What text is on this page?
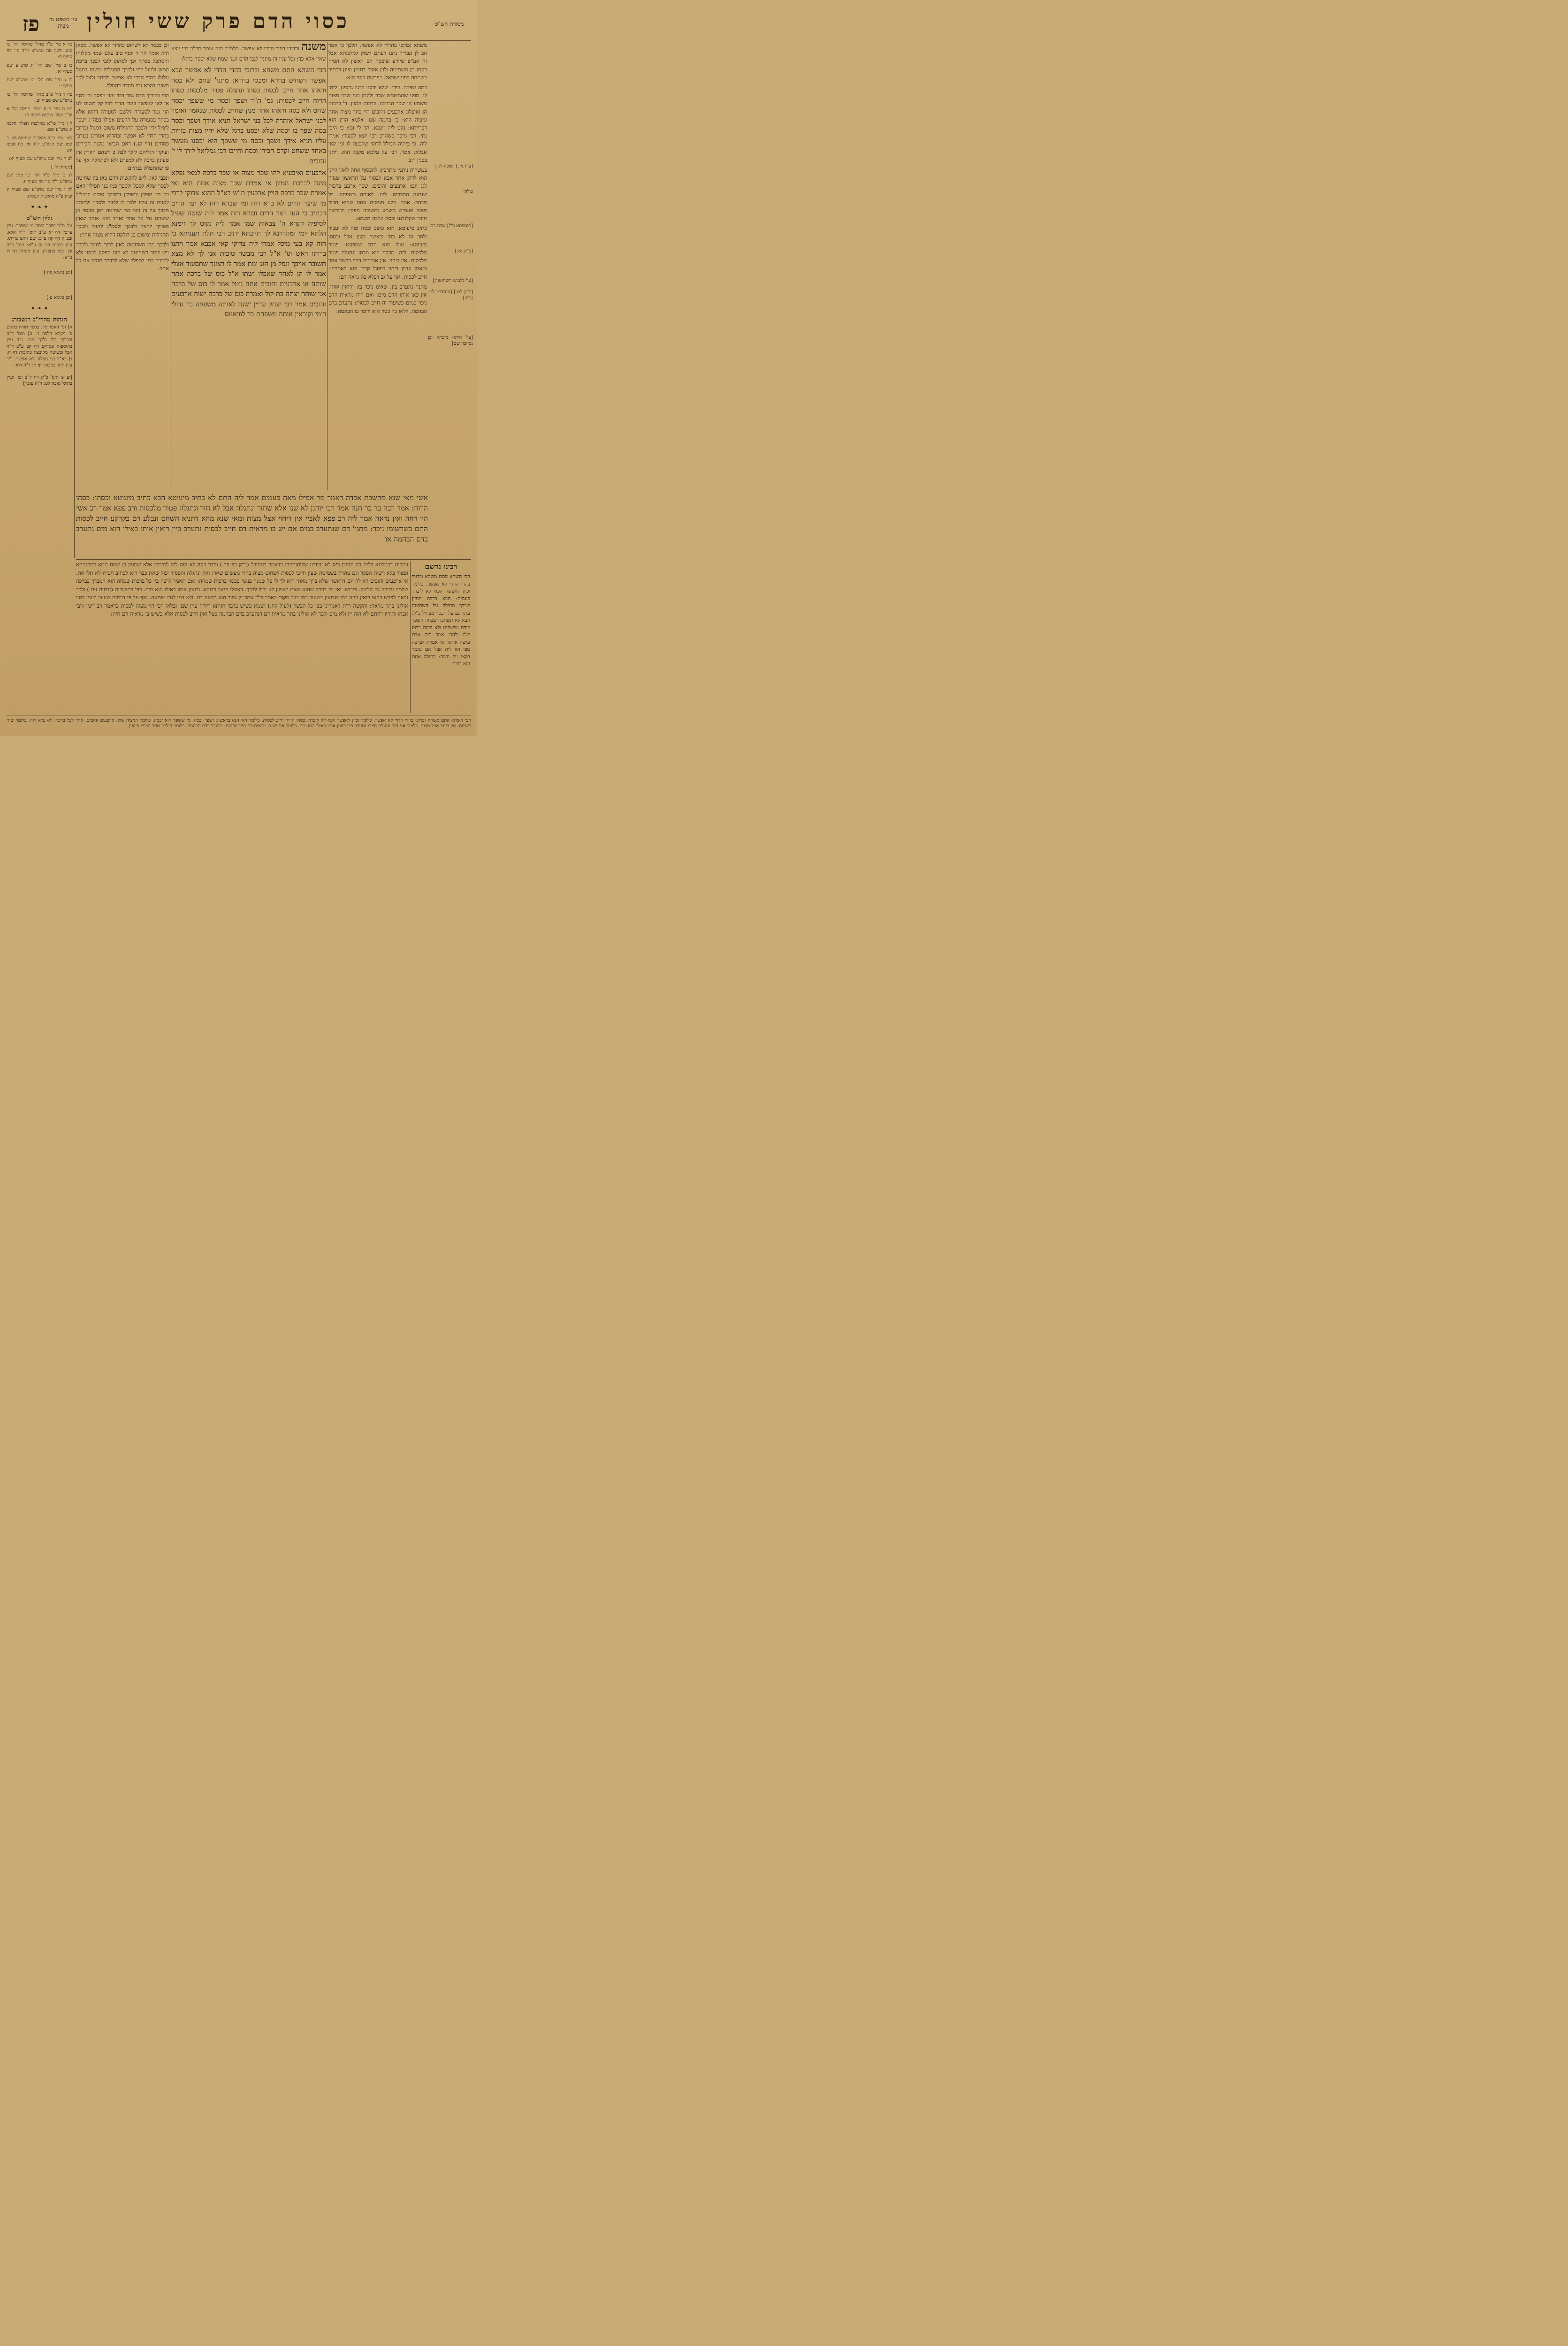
מסורת הש"ס
כסוי הדם פרק ששי חולין
עין משפט נר מצוה
פז

[ע"ז מז.] [סוכה לג.]

כולהו

[תוספתא פ"ו] שבת כב.

[ב"ק נא:]

[עי' בלבוש השחיטות]

[כ"ק לט.] [סנהדרין לט. ע"ש]

[עי' איתא מיכתא ובן נסייבה שם]

משחא וברוכי בהדדי לא אפשר. הלכך כי אמר הב לן ונבריך נתנו דעתם לשוק למלכותא אבל זה אע"פ שיודע שיכסה דם ראשון לא הסיח דעתו מן השמיטה ולכן אסור בחמין וצונן דכתיב בשמחה לפני ישראל. בפרשת כסוי הוא:

במה שפכה. בידו: שלא יכסנו ברגל גרסינן. ליתן לו. מפני שהמשמש שכר ולקמן בעי שכר מצות משמע הן שכר הברכה: ברכות המזון. ד' ברכות הן ואיפלוג ארבעים זהובים הוי בתר מצוה אחת ומצוה היא: כ' בהמה שנו. אלמא הדין הוא דברייתא: נקט ליה זימנא. הך לי זמן: כי היכי נתי. רבי מיכך כשהרב רבו יוצא לסעוד: אמרו ליה. כי ביתיה הכולל לדוקי שקבעת לו זמן קאי אבלא: אמר. רבי על עלמא מקבל הוא. ויתנו בכנין רוב.

במשרות נותנין מתרבין: להכסוף אחת לאלו היינו הוא לדוק אחר אבא לבסוף על הראשון שנדה לגג וגם: ארבעים זהובים. שכר ארבע ברכות שנתנה המכריס: ליה: לאותה משפחה. בל מבחר: אמר. בלע מגיסים אחת שהיא חבוד מצוה פעמים משמע ותשובה מפקין ולדרשה חיבר שקלנלגע ובסה ונלבה משמע:

כתיב מיעוטא. הוא כתוב ובסה ומה לא יעבור ולסכ זה לא כתי ובאשר זמנין אבל וכסהו מיעוטא: ואלו הוא הדם שמפעט: פטור מלכסות. ליה. מכסוי הוא מכסו ונתגלה פטור מלכסות: אין דיחוי. אין אומרים דחוי דבשר אחד ומאתן עדיין דיחוי בפסול קרבן הוא לאמרינן: חייב לכסות. אף על גב דבלא כה נראה דם:

מתני' נתערב בין. שאינו ניכר בו: ורואין אותו. אין כאן אותו הדם מים: ואם היה מראית הדם ניכר במים כשיעור זה חייב לכסות: נתערב בדם הבהמה. דלאו בר כסוי הוא ודומו בו הבהמה:

משנה וברוכי בהדי הדדי לא אפשר. מלמ"ך היה אומר מר"ר דכי יוצא שאין אלא כך: ובל ענין זה מתני' לגבי הדם וגמ' שמח שלא יכסה ברגל:

הכי השתא התם משחא וברוכי בהדי הדדי לא אפשר הכא אפשר דשחיט בחדא ומכסי בחדא: מתני' שחט ולא כסה וראהו אחר חייב לכסות כסהו ונתגלה פטור מלכסות כסהו הרוח חייב לכסות: גמ' ת"ר ושפך וכסה מי ששפך יכסה שחט ולא כסה וראהו אחר מנין שחייב לכסות שנאמר ואומר לבני ישראל אזהרה לכל בני ישראל תניא אידך ושפך וכסה במה שפך בו יכסה שלא יכסנו ברגל שלא יהיו מצות בזויות עליו תניא אידך ושפך וכסה מי ששפך הוא יכסנו מעשה באחד ששחט וקדם חבירו וכסה וחייבו רבן גמליאל ליתן לו י' זהובים

ארבעים ואיבעיא להו שכר מצוה או שכר ברכה למאי נפקא מינה לברכת המזון אי אמרת שכר מצוה אחת היא ואי אמרת שכר ברכה הויין ארבעין ת"ש דא"ל ההוא צדוקי לרבי מי שיצר הרים לא ברא רוח ומי שברא רוח לא יצר הרים דכתיב כי הנה יוצר הרים ובורא רוח אמר ליה שוטה שפיל לסיפיה דקרא ה' צבאות שמו אמר ליה נקוט לך זימנא תלתא יומי ומהדרנא לך תיובתא יתיב רבי תלת תעניתא כי הוה קא בעי מיכל אמרו ליה צדוקי קאי אבבא אמר ויתנו ברותו ראש וגו' א"ל רבי מבשר טובות אני לך לא מצא תשובה אויבך ונפל מן הגג ומת אמר לו רצונך שתסעוד אצלי אמר לו הן לאחר שאכלו ושתו א"ל כוס של ברכה אתה שותה או ארבעים זהובים אתה נוטל אמר לו כוס של ברכה אני שותה יצתה בת קול ואמרה כוס של ברכה ישוה ארבעים זהובים אמר רבי יצחק עדיין ישנה לאותה משפחה בין גדולי רומי וקוראין אותה משפחת בר לוויאנוס

וכן בכסוי לא לשחוט בהדדי לא אפשר. מכאן היה אומר הר"ר יוסף טוב עלם שמד מקלוחו והסתכל בסתר וכך לסתוס לגבי לבכך ברכת המזון ולנזול ידיו ולבכך התגיליח משום דמגול וגלגלו בהדי הדדי לא אפשר ולבתר ולצל לכך משום דהכא נמי מהדר בהמלל:

הכי וכבריך הדם גמר דבר והוי הפסק ובן כסוי אי לאו לאפשר בהדי הדדי לכל קל משום לנו הוי גמר לסעודה דלשם לסעודה דהוא אלא בכהר בסעודה על הרעים אפילו בפה"ג ישכך לימול ידיו ולבכך התגיליח משום דמגול וברוכי בהדי הדדי לא אפשר ובהדיא אמרינן בערבי פסחים (דף קג.) דאם הביאו מקנת חבירים ועיקרו רגליהם לילך לבה"כ דשהם חוזרין אין טעונין ברכה לא למפרע ולא לכתחלה אף על פי שהתפללו בנתיים:

ונכבי לאו. ליש להקשות דהם כאן בין שחיטה לכסוי שלא לסכל ולסכך כמו בני תפילין דאם כך בין תפלין לתפלין דמבכך סתים לרבי"ל לסנות זה עליו ולבר לו לכבר ולסכך ולמותב מבכך על זה והוי כמו שחיטה דסן הכסוי בן ששחט על כל אחד ואחד הוא אומר שאין מצריך לחזור ולבכך ולסמ"ג לחזור ולבכך התגילית ומשום בנ דולקה דהוא מצוה אחת:

ולבכך מבו השחיטה לאין לריך לחזור ולברך ויש לומר דשחיטה לא הוה הפסק לכסוי ולא לברכה כמו בתפלין שלא לכדבר תהיה אם כל אחד:

כה א מיי' פ"ד מהל' שחיטה הל' טו סמג עשין סה טוש"ע יו"ד סי' כח סעיף ח:

כו ב מיי' שם הל' יג טוש"ע שם סעיף יא:

כז ג מיי' שם הל' טז טוש"ע שם סעיף י:

כח ד מיי' פ"ב מהל' שחיטה הל' טו טוש"ע שם סעיף יב:

כט ה מיי' פ"ח מהל' תפלה הל' א ופ"ג מהל' ברכות הלכה ח:

ל ו מיי' פי"א מהלכות תפלה הלכה יג טוש"ע שם:

לא ז מיי' פ"ד מהלכות שחיטה הל' ב סמג שם טוש"ע יו"ד סי' כח סעיף יח:

לב ח מיי' שם טוש"ע שם סעיף יא:

[מנחות לו.]

לג ט מיי' פ"ד הל' טו סמג שם טוש"ע יו"ד סי' כח סעיף יז:

לד י מיי' שם טוש"ע שם סעיף יג ועיין פ"ה מהלכות קבלות:

✦ ❧ ✦
גליון הש"ס

גמ' ת"ר ושפך וכסה מי ששפך. עיין ערכין דף יא ע"ב תוס' ד"ה אלא. ובב"ק דף קח ע"ב: שם ויתנו ברותו. עיין ברכות דף נח ע"א: תוס' ד"ה וכן. כמו בתפלין. עיין מנחות דף לו ע"א:

[וכן ביומא סח:]

[וכן ביומא ע.]

✦ ❧ ✦
הגהות מהרי"ב רנשבורג

א] גמ' דאמר מר. בספר תורת כהנים פ' ויקרא הלכה ד. ב] תוס' ד"ה וכבריך וכו' ולכך מבו. נ"ב עיין בתוספות פסחים דף קב ע"ב ד"ה אבל ובשיטה מקובצת כתובות דף ח. ג] בא"ד בני מפלה ולא אפשר. נ"ב עיין תוס' ברכות דף מ: ד"ה ולא:

[וע"ש תוס' כ"ק דף ל"ב וכו' ועיין בתוס' סוכה לט: ד"ה עובר]

אשי מאי שנא מהשבת אבדה דאמר מר אפילו מאה פעמים אמר ליה התם לא כתיב מיעוטא הכא כתיב מיעוטא וכסהו: כסהו הרוח: אמר רבה בר בר חנה אמר רבי יוחנן לא שנו אלא שחזר ונתגלה אבל לא חזר ונתגלה פטור מלכסות ורב פפא אמר רב אשי היו דחה ואין נראה אמר ליה רב פפא לאביי אין דיחוי אצל מצות ומאי שנא מהא דתניא השחט ונבלע דם בקרקע חייב לכסות התם בשרשומו ניכר: מתני' דם שנתערב במים אם יש בו מראית דם חייב לכסות נתערב ביין רואין אותו כאילו הוא מים נתערב בדם הבהמה או

זהובים דבמלתא דלית בה חסרון כיס לא עבדינן שליחותייהו כדאמר בהחובל (ב"ק דף פד:) והדר כסה לא הוה ליה למימרי אלא שמעון בן שטח תמא דמרגניתא ופטור בלא רשות הפקר וגם טהרה בשמיטה שעון חייבי לכסות לשחוט מצוה בהדי מעשים שאר: ואין ונתגלה והפסיד יכול שאת כבר הוא לכתיב חבירו לא תלו את. אי ארבעים זהובים הוו לה יום דראשון שלא ברך מאתי הוא לך לו כל שמנה בנימי בכסוי ברכות שמחה: ואם תאמר לרבה בין כל ברכות שמחה הוא המברך בברכה שלמה ובכרנו גם הלשון. פירוש: ואי רב ברכה שהוא שאם ראשון לא יכול לברך. דאיגלי היאך בדוקא. ורואין אותו כאילו הוא מים. כפ' בתשובות (זבחים עט.) ולכך נראה לפרש דהאי רואין היינו כמו שרואין בשעור דמי בכל מקום דאמר ור"י אמר יין גמור הוא מראה דם. ולא דמי לגבי טומאה. ואף על פי דבמים שיעור לענין כסוי אזלינן בתר מראה: והקשה ר"ת דאמרינן בפ' כל הבשר (לעיל קח.) ושמא כשיש בדבר חזותא דידיה עיין שם. ובלאו הכי הוי מצוה לכסות כדאמר רב דימי ורבי אבהו ותירץ דהתם לא הוה יין ולא מים ולכך לא אזלינן בתר מראית דם דנתערב בדם הבהמה בטל ואין חייב לכסות אלא כשיש בו מראית דם חיה:

רבינו גרשם

הכי השתא התם משחא וברוכי בהדי הדדי לא אפשר. כלומר וכיון דאפשר הכא לא ליברך פעמים: הבא ברכת המזון שברך תחילה על השחיטה עתה גם על הכסוי מבחיל כ"ל: הבא לא תשתכח שבחו: השפך קודם שישחוט ולא יכסה בכוס שלו ולהכי אמר ליה אדם עושה אותה ואי אמרת לברכה טפי הוו ליה אבל אם נאמר דקאי על מצוה: בחולה אחת הוא ברוך:

הכי השתא התם משחא וברוכי בהדי הדדי לא אפשר. כלומר וכיון דאפשר הכא לא ליברך: כסהו הרוח חייב לכסות. כלומר דאי הנא בראשון: ושפך וכסה. מי ששפך הוא יכסה. כלומר המצוה שלו: ארבעים זהובים. אחד לכל ברכה: לא ברא רוח. כלומר שתי רשויות: אין דיחוי אצל מצות. כלומר אם חזר ונתגלה חייב: נתערב ביין רואין אותו כאילו הוא מים. כלומר אם יש בו מראית דם חייב לכסות: נתערב בדם הבהמה. כלומר הולכין אחר הרוב: ורואין
